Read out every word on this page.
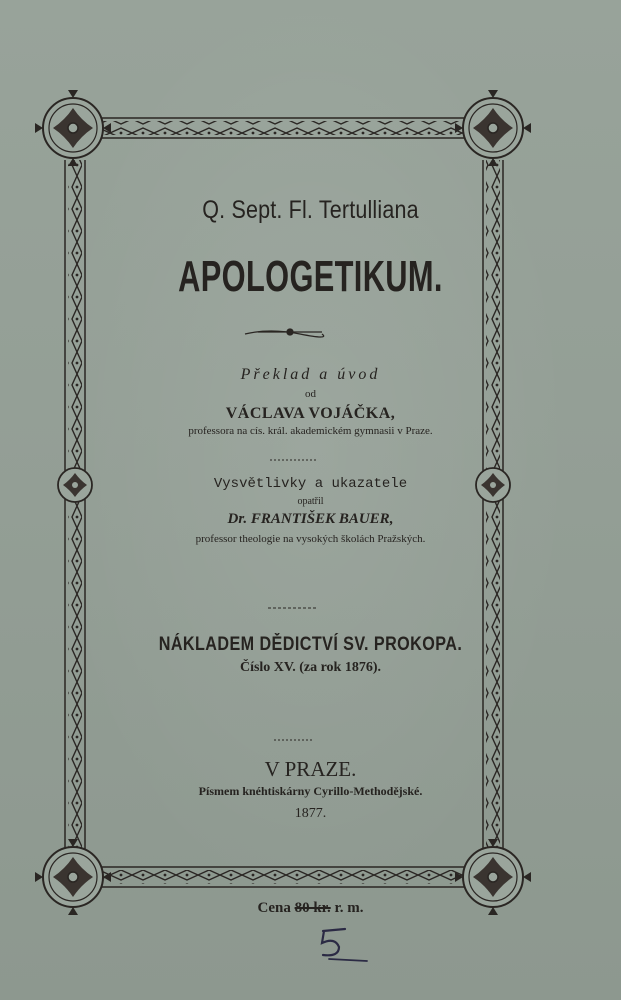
Q. Sept. Fl. Tertulliana
APOLOGETIKUM.
Překlad a úvod
od
VÁCLAVA VOJÁČKA,
professora na cís. král. akademickém gymnasii v Praze.
Vysvětlivky a ukazatele
opatřil
Dr. FRANTIŠEK BAUER,
professor theologie na vysokých školách Pražských.
NÁKLADEM DĚDICTVÍ SV. PROKOPA.
Číslo XV. (za rok 1876).
V PRAZE.
Písmem knéhtiskárny Cyrillo-Methodějské.
1877.
Cena 80 kr. r. m.
